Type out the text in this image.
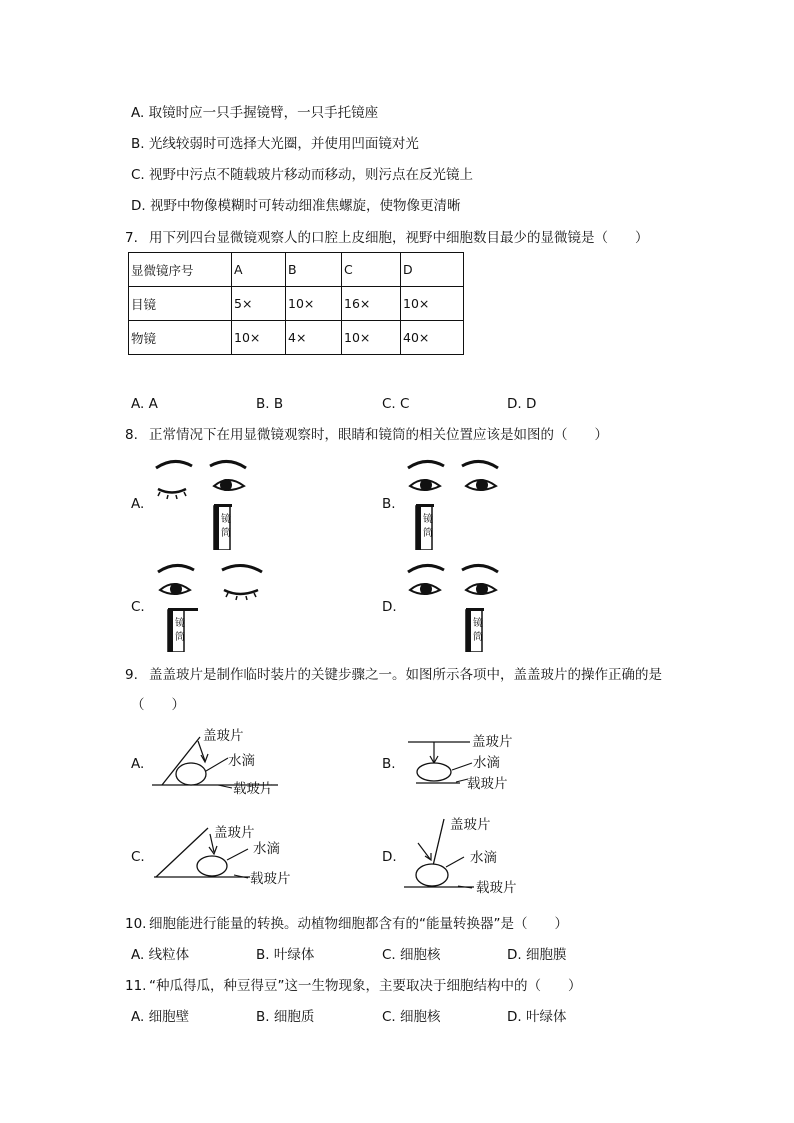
A. 取镜时应一只手握镜臂，一只手托镜座
B. 光线较弱时可选择大光圈，并使用凹面镜对光
C. 视野中污点不随载玻片移动而移动，则污点在反光镜上
D. 视野中物像模糊时可转动细准焦螺旋，使物像更清晰
7. 用下列四台显微镜观察人的口腔上皮细胞，视野中细胞数目最少的显微镜是（　　）
显微镜序号	A	B	C	D
目镜	5×	10×	16×	10×
物镜	10×	4×	10×	40×
A. A	B. B	C. C	D. D
8. 正常情况下在用显微镜观察时，眼睛和镜筒的相关位置应该是如图的（　　）
A.	B.
C.	D.
镜
筒
镜
筒
镜
筒
镜
筒
9. 盖盖玻片是制作临时装片的关键步骤之一。如图所示各项中，盖盖玻片的操作正确的是
（　　）
A.	B.
C.	D.
盖玻片
水滴
载玻片
盖玻片
水滴
载玻片
盖玻片
水滴
载玻片
盖玻片
水滴
载玻片
10. 细胞能进行能量的转换。动植物细胞都含有的“能量转换器”是（　　）
A. 线粒体	B. 叶绿体	C. 细胞核	D. 细胞膜
11. “种瓜得瓜，种豆得豆”这一生物现象，主要取决于细胞结构中的（　　）
A. 细胞壁	B. 细胞质	C. 细胞核	D. 叶绿体
